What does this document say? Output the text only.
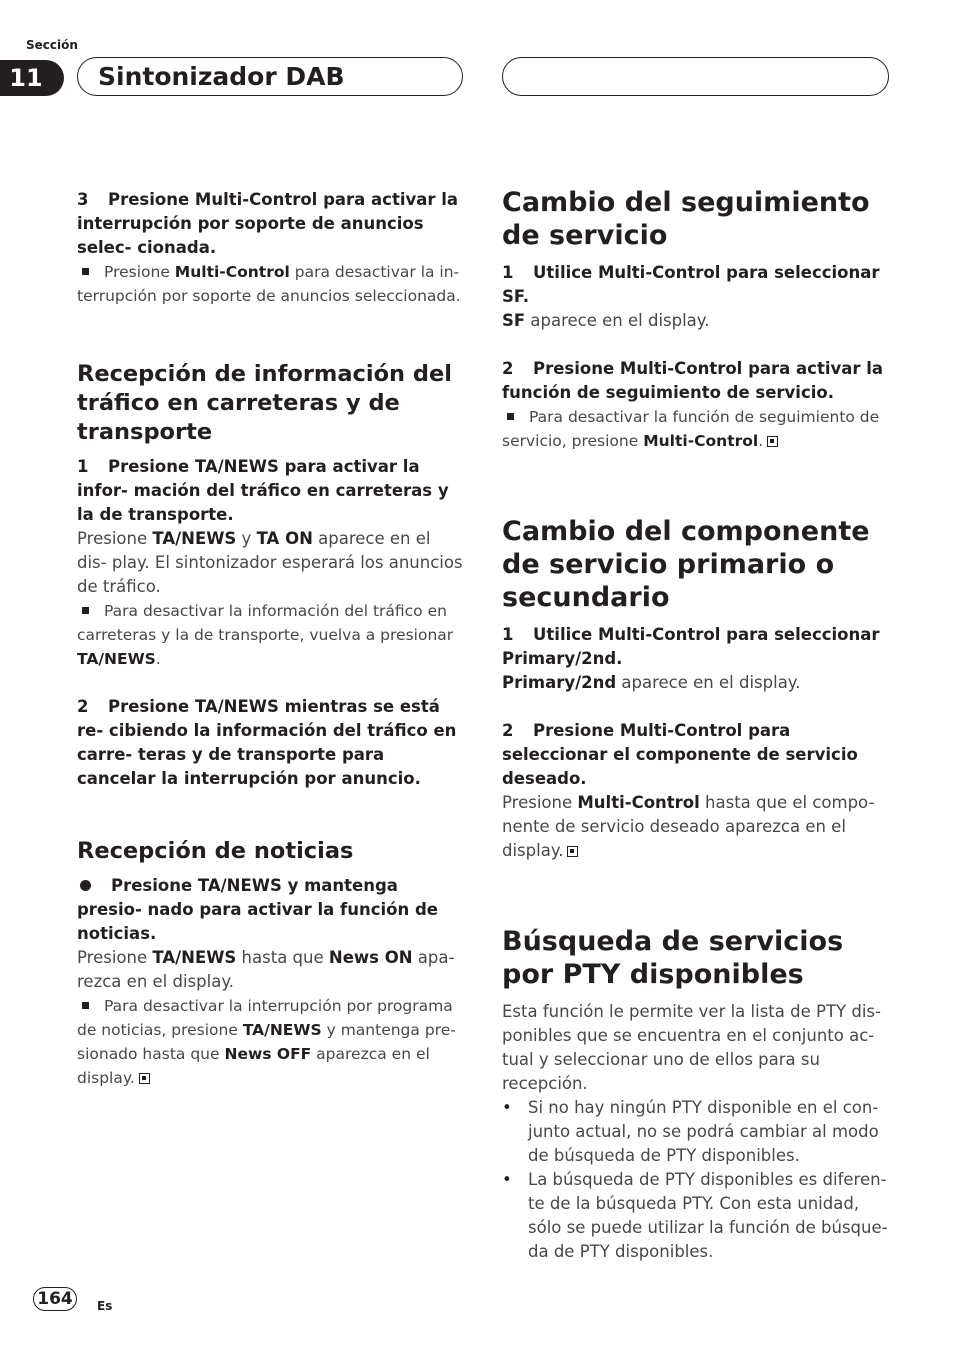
Sección
11	Sintonizador DAB

3 Presione Multi-Control para activar la interrupción por soporte de anuncios selec- cionada.

Presione Multi-Control para desactivar la in- terrupción por soporte de anuncios seleccionada.

Recepción de información del tráfico en carreteras y de transporte

1 Presione TA/NEWS para activar la infor- mación del tráfico en carreteras y la de transporte.

Presione TA/NEWS y TA ON aparece en el dis- play. El sintonizador esperará los anuncios de tráfico.

Para desactivar la información del tráfico en carreteras y la de transporte, vuelva a presionar TA/NEWS.

2 Presione TA/NEWS mientras se está re- cibiendo la información del tráfico en carre- teras y de transporte para cancelar la interrupción por anuncio.

Recepción de noticias

Presione TA/NEWS y mantenga presio- nado para activar la función de noticias.

Presione TA/NEWS hasta que News ON apa- rezca en el display.

Para desactivar la interrupción por programa de noticias, presione TA/NEWS y mantenga pre- sionado hasta que News OFF aparezca en el display.

Cambio del seguimiento de servicio

1 Utilice Multi-Control para seleccionar SF.

SF aparece en el display.

2 Presione Multi-Control para activar la función de seguimiento de servicio.

Para desactivar la función de seguimiento de servicio, presione Multi-Control.

Cambio del componente de servicio primario o secundario

1 Utilice Multi-Control para seleccionar Primary/2nd.

Primary/2nd aparece en el display.

2 Presione Multi-Control para seleccionar el componente de servicio deseado.

Presione Multi-Control hasta que el compo- nente de servicio deseado aparezca en el display.

Búsqueda de servicios por PTY disponibles

Esta función le permite ver la lista de PTY dis- ponibles que se encuentra en el conjunto ac- tual y seleccionar uno de ellos para su recepción.

• Si no hay ningún PTY disponible en el con- junto actual, no se podrá cambiar al modo de búsqueda de PTY disponibles.
• La búsqueda de PTY disponibles es diferen- te de la búsqueda PTY. Con esta unidad, sólo se puede utilizar la función de búsque- da de PTY disponibles.
164	Es
